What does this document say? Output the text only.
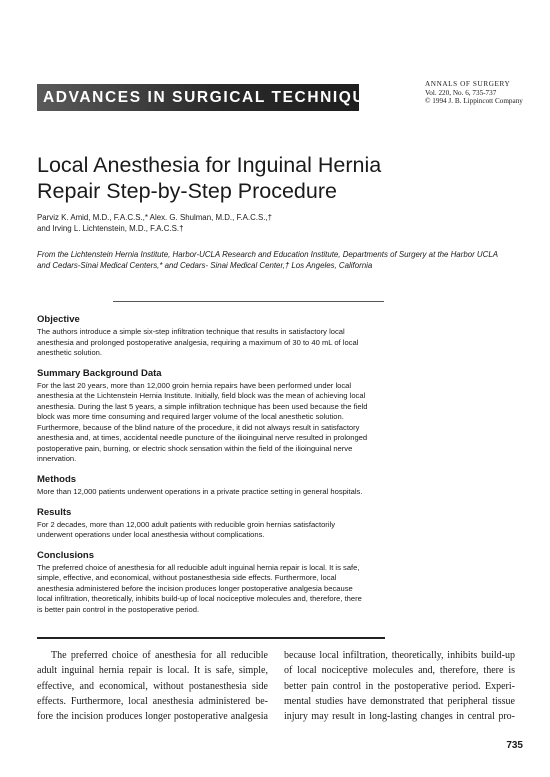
ADVANCES IN SURGICAL TECHNIQUE
ANNALS OF SURGERY
Vol. 220, No. 6, 735-737
© 1994 J. B. Lippincott Company
Local Anesthesia for Inguinal Hernia
Repair Step-by-Step Procedure
Parviz K. Amid, M.D., F.A.C.S.,* Alex. G. Shulman, M.D., F.A.C.S.,†
and Irving L. Lichtenstein, M.D., F.A.C.S.†
From the Lichtenstein Hernia Institute, Harbor-UCLA Research and Education Institute, Departments of Surgery at the Harbor UCLA and Cedars-Sinai Medical Centers,* and Cedars- Sinai Medical Center,† Los Angeles, California
Objective

The authors introduce a simple six-step infiltration technique that results in satisfactory local
anesthesia and prolonged postoperative analgesia, requiring a maximum of 30 to 40 mL of local
anesthetic solution.

Summary Background Data

For the last 20 years, more than 12,000 groin hernia repairs have been performed under local
anesthesia at the Lichtenstein Hernia Institute. Initially, field block was the mean of achieving local
anesthesia. During the last 5 years, a simple infiltration technique has been used because the field
block was more time consuming and required larger volume of the local anesthetic solution.
Furthermore, because of the blind nature of the procedure, it did not always result in satisfactory
anesthesia and, at times, accidental needle puncture of the ilioinguinal nerve resulted in prolonged
postoperative pain, burning, or electric shock sensation within the field of the ilioinguinal nerve
innervation.

Methods

More than 12,000 patients underwent operations in a private practice setting in general hospitals.

Results

For 2 decades, more than 12,000 adult patients with reducible groin hernias satisfactorily
underwent operations under local anesthesia without complications.

Conclusions

The preferred choice of anesthesia for all reducible adult inguinal hernia repair is local. It is safe,
simple, effective, and economical, without postanesthesia side effects. Furthermore, local
anesthesia administered before the incision produces longer postoperative analgesia because
local infiltration, theoretically, inhibits build-up of local nociceptive molecules and, therefore, there
is better pain control in the postoperative period.

The preferred choice of anesthesia for all reducible
adult inguinal hernia repair is local. It is safe, simple,
effective, and economical, without postanesthesia side
effects. Furthermore, local anesthesia administered be-
fore the incision produces longer postoperative analgesia
because local infiltration, theoretically, inhibits build-up
of local nociceptive molecules and, therefore, there is
better pain control in the postoperative period. Experi-
mental studies have demonstrated that peripheral tissue
injury may result in long-lasting changes in central pro-
735
